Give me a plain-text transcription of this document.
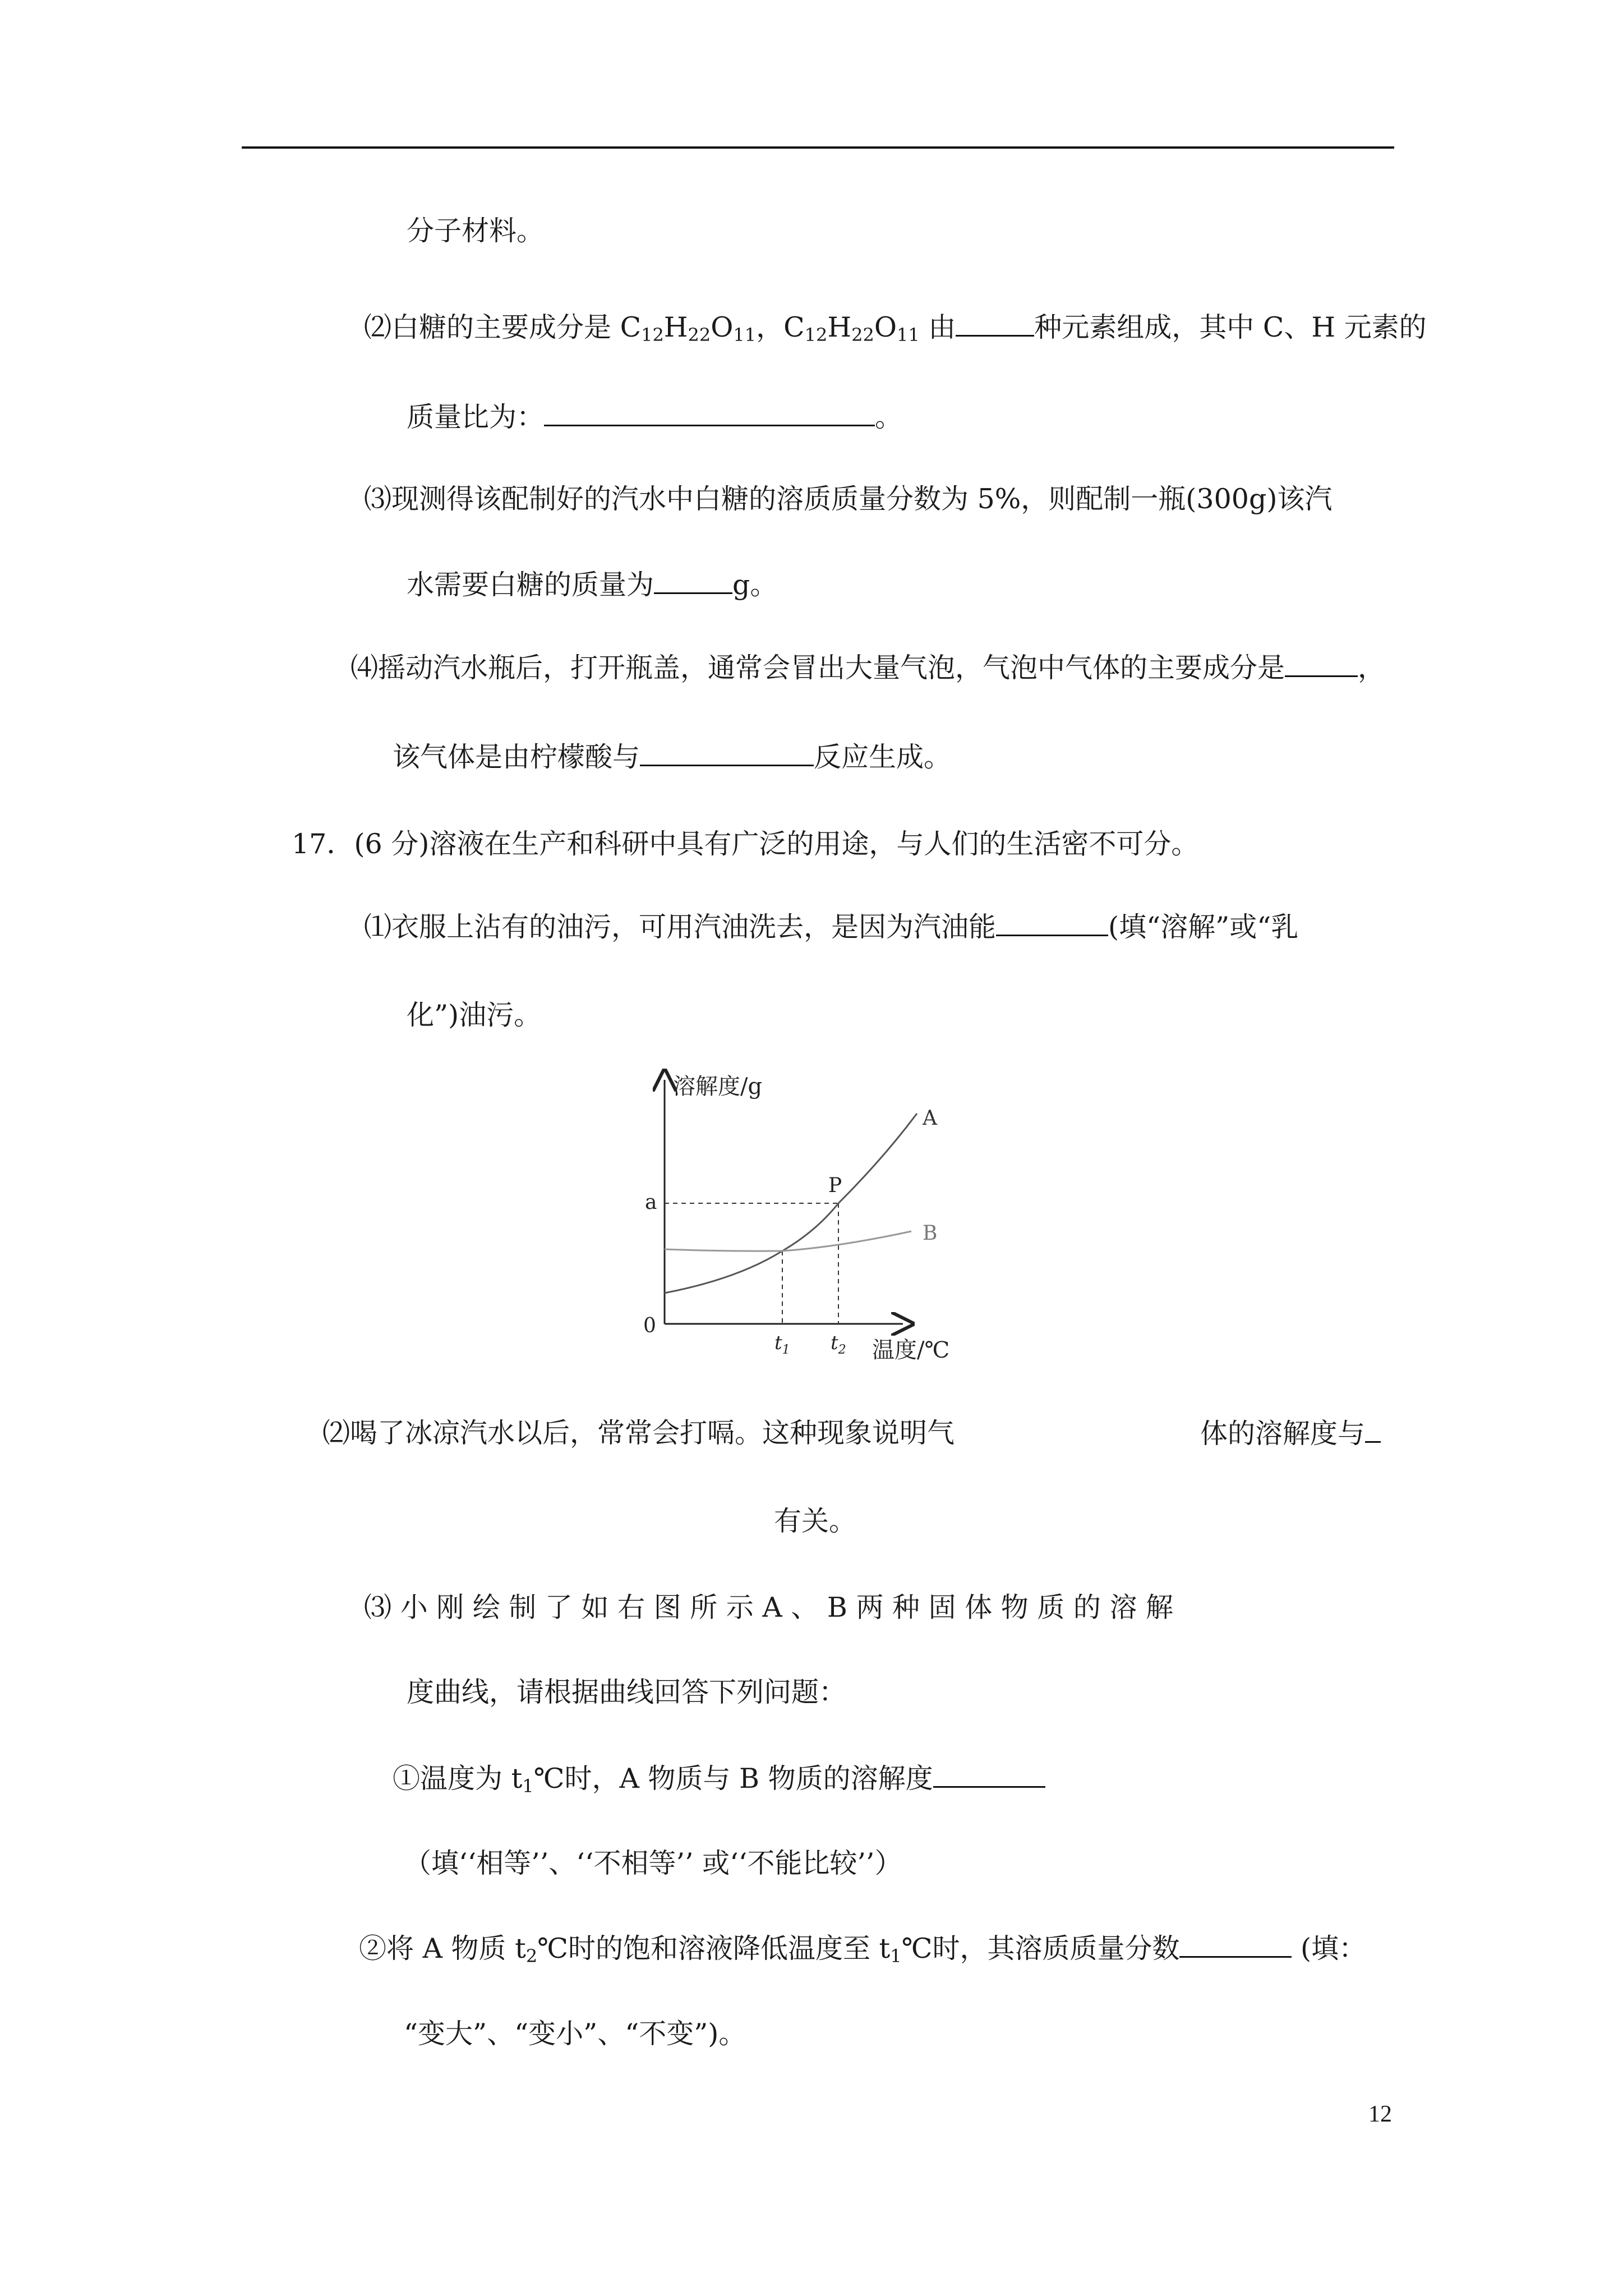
分子材料。
⑵白糖的主要成分是 $C_{12}H_{22}O_{11}$，$C_{12}H_{22}O_{11}$ 由	种元素组成，其中 C、H 元素的
质量比为：	。
⑶现测得该配制好的汽水中白糖的溶质质量分数为 5%，则配制一瓶(300g)该汽
水需要白糖的质量为	g。
⑷摇动汽水瓶后，打开瓶盖，通常会冒出大量气泡，气泡中气体的主要成分是	，
该气体是由柠檬酸与	反应生成。
17．(6 分)溶液在生产和科研中具有广泛的用途，与人们的生活密不可分。
⑴衣服上沾有的油污，可用汽油洗去，是因为汽油能	(填“溶解”或“乳
化”)油污。
溶解度/g
温度/℃
0
a
A
B
P
$t_1$ $t_2$
⑵喝了冰凉汽水以后，常常会打嗝。这种现象说明气	体的溶解度与
有关。
⑶ 小 刚 绘 制 了 如 右 图 所 示 A 、 B 两 种 固 体 物 质 的 溶 解
度曲线，请根据曲线回答下列问题：
①温度为 $t_1℃$时，A 物质与 B 物质的溶解度
（填‘‘相等’’、‘‘不相等’’ 或‘‘不能比较’’）
②将 A 物质 $t_2℃$时的饱和溶液降低温度至 $t_1℃$时，其溶质质量分数	(填：
“变大”、“变小”、“不变”)。
12
